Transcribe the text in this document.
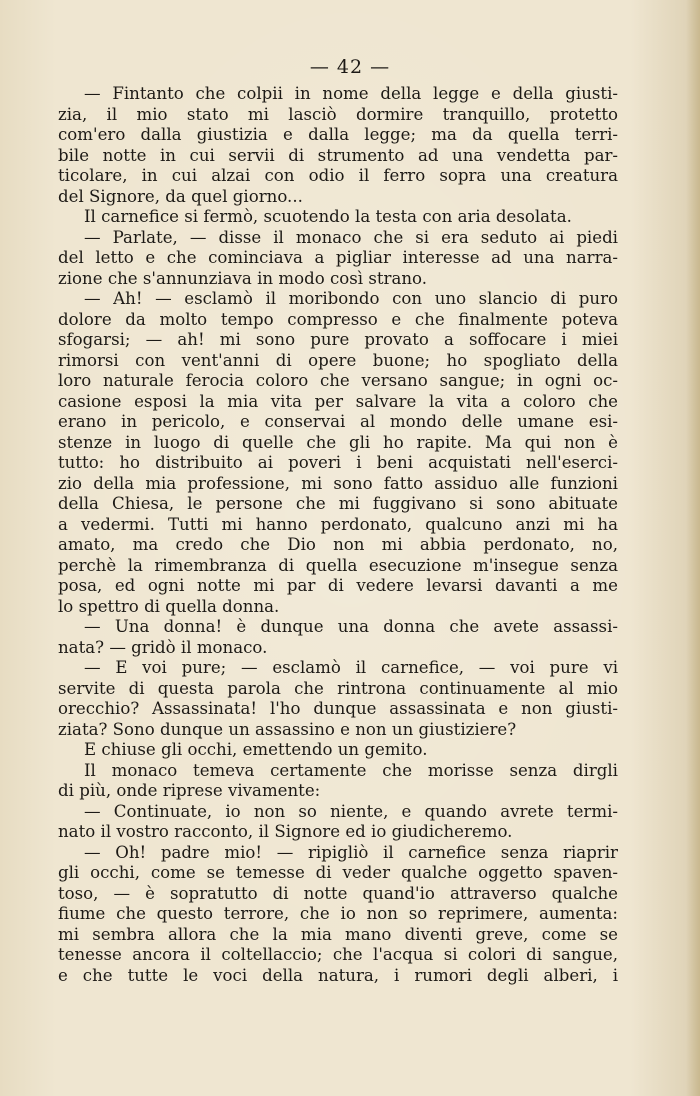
— 42 —
— Fintanto che colpii in nome della legge e della giusti-
zia, il mio stato mi lasciò dormire tranquillo, protetto
com'ero dalla giustizia e dalla legge; ma da quella terri-
bile notte in cui servii di strumento ad una vendetta par-
ticolare, in cui alzai con odio il ferro sopra una creatura
del Signore, da quel giorno...
Il carnefice si fermò, scuotendo la testa con aria desolata.
— Parlate, — disse il monaco che si era seduto ai piedi
del letto e che cominciava a pigliar interesse ad una narra-
zione che s'annunziava in modo così strano.
— Ah! — esclamò il moribondo con uno slancio di puro
dolore da molto tempo compresso e che finalmente poteva
sfogarsi; — ah! mi sono pure provato a soffocare i miei
rimorsi con vent'anni di opere buone; ho spogliato della
loro naturale ferocia coloro che versano sangue; in ogni oc-
casione esposi la mia vita per salvare la vita a coloro che
erano in pericolo, e conservai al mondo delle umane esi-
stenze in luogo di quelle che gli ho rapite. Ma qui non è
tutto: ho distribuito ai poveri i beni acquistati nell'eserci-
zio della mia professione, mi sono fatto assiduo alle funzioni
della Chiesa, le persone che mi fuggivano si sono abituate
a vedermi. Tutti mi hanno perdonato, qualcuno anzi mi ha
amato, ma credo che Dio non mi abbia perdonato, no,
perchè la rimembranza di quella esecuzione m'insegue senza
posa, ed ogni notte mi par di vedere levarsi davanti a me
lo spettro di quella donna.
— Una donna! è dunque una donna che avete assassi-
nata? — gridò il monaco.
— E voi pure; — esclamò il carnefice, — voi pure vi
servite di questa parola che rintrona continuamente al mio
orecchio? Assassinata! l'ho dunque assassinata e non giusti-
ziata? Sono dunque un assassino e non un giustiziere?
E chiuse gli occhi, emettendo un gemito.
Il monaco temeva certamente che morisse senza dirgli
di più, onde riprese vivamente:
— Continuate, io non so niente, e quando avrete termi-
nato il vostro racconto, il Signore ed io giudicheremo.
— Oh! padre mio! — ripigliò il carnefice senza riaprir
gli occhi, come se temesse di veder qualche oggetto spaven-
toso, — è sopratutto di notte quand'io attraverso qualche
fiume che questo terrore, che io non so reprimere, aumenta:
mi sembra allora che la mia mano diventi greve, come se
tenesse ancora il coltellaccio; che l'acqua si colori di sangue,
e che tutte le voci della natura, i rumori degli alberi, i
